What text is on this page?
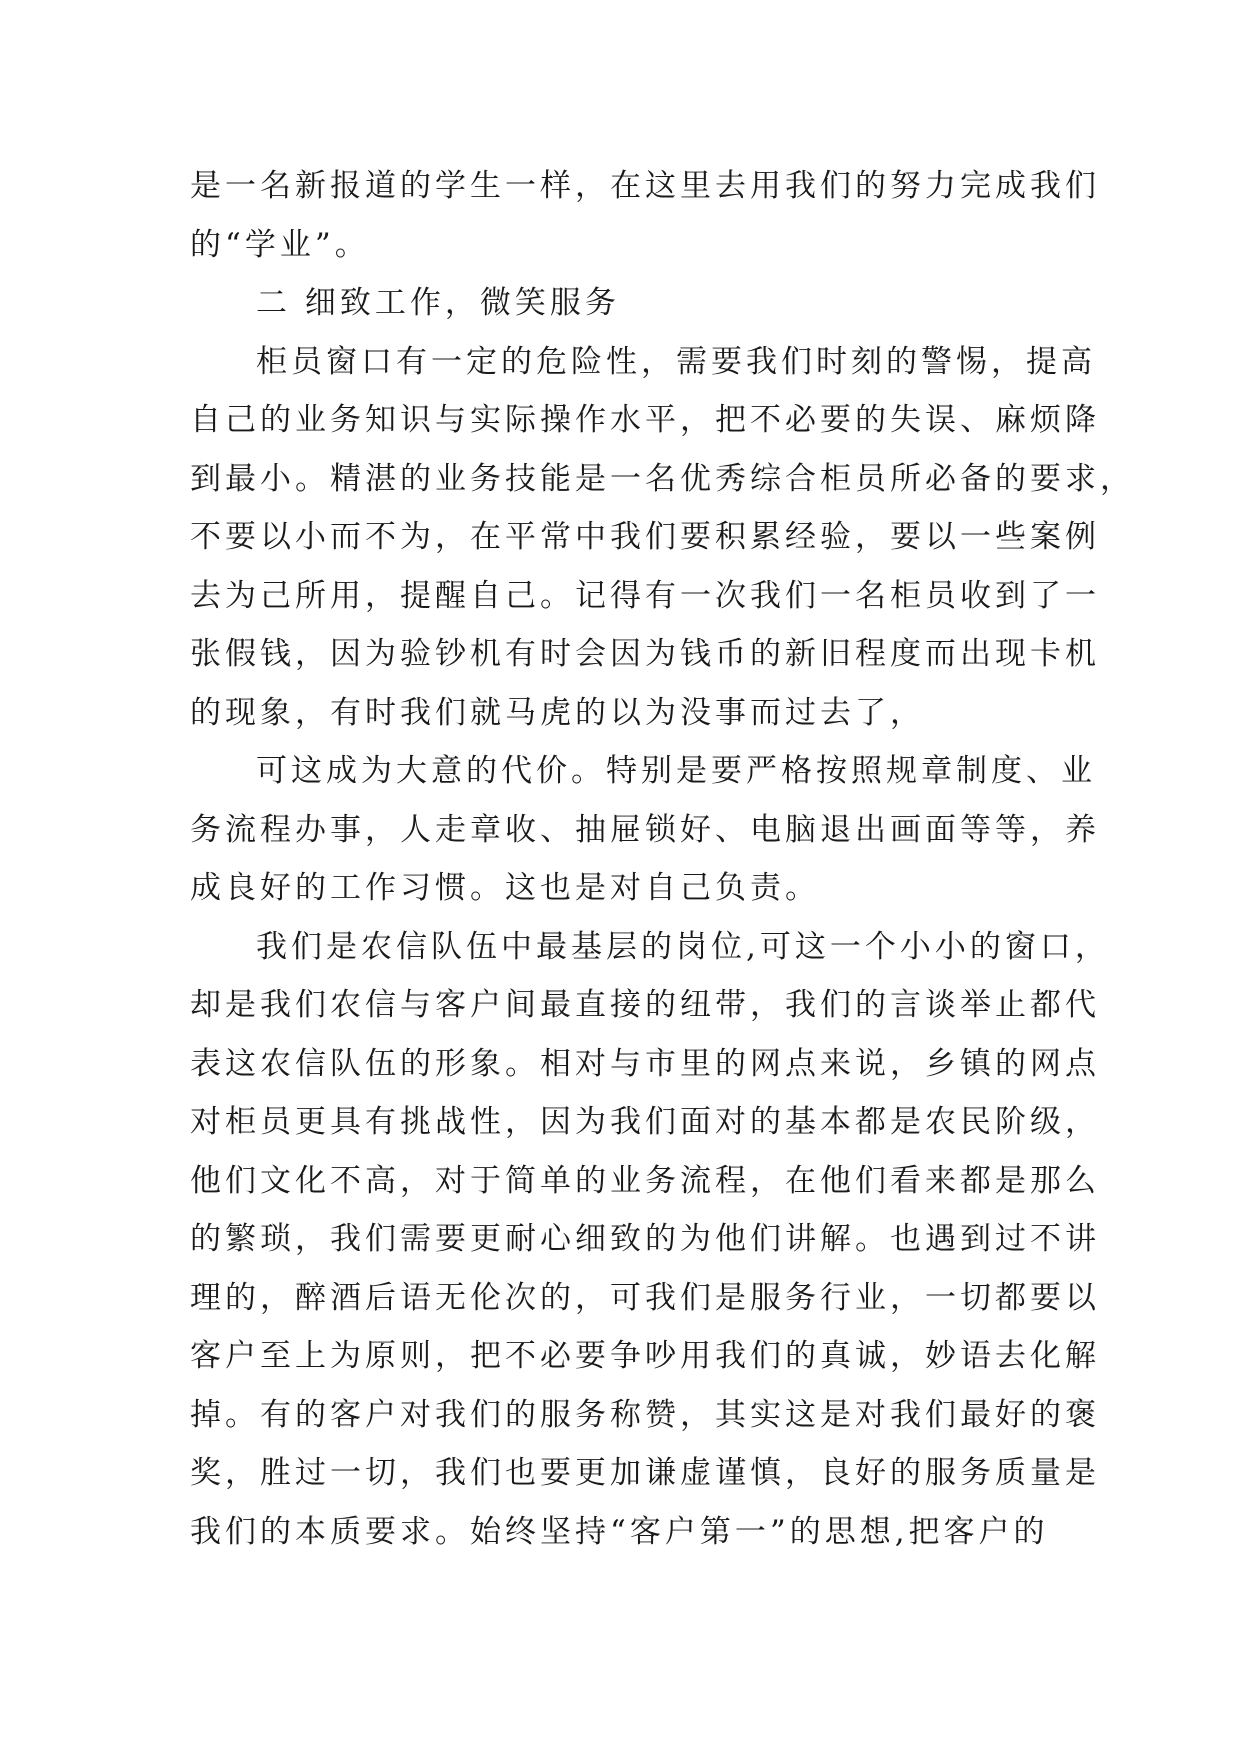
是一名新报道的学生一样，在这里去用我们的努力完成我们
的“学业”。
二 细致工作，微笑服务
柜员窗口有一定的危险性，需要我们时刻的警惕，提高
自己的业务知识与实际操作水平，把不必要的失误、麻烦降
到最小。精湛的业务技能是一名优秀综合柜员所必备的要求，
不要以小而不为，在平常中我们要积累经验，要以一些案例
去为己所用，提醒自己。记得有一次我们一名柜员收到了一
张假钱，因为验钞机有时会因为钱币的新旧程度而出现卡机
的现象，有时我们就马虎的以为没事而过去了，
可这成为大意的代价。特别是要严格按照规章制度、业
务流程办事，人走章收、抽屉锁好、电脑退出画面等等，养
成良好的工作习惯。这也是对自己负责。
我们是农信队伍中最基层的岗位,可这一个小小的窗口，
却是我们农信与客户间最直接的纽带，我们的言谈举止都代
表这农信队伍的形象。相对与市里的网点来说，乡镇的网点
对柜员更具有挑战性，因为我们面对的基本都是农民阶级，
他们文化不高，对于简单的业务流程，在他们看来都是那么
的繁琐，我们需要更耐心细致的为他们讲解。也遇到过不讲
理的，醉酒后语无伦次的，可我们是服务行业，一切都要以
客户至上为原则，把不必要争吵用我们的真诚，妙语去化解
掉。有的客户对我们的服务称赞，其实这是对我们最好的褒
奖，胜过一切，我们也要更加谦虚谨慎，良好的服务质量是
我们的本质要求。始终坚持“客户第一”的思想,把客户的
